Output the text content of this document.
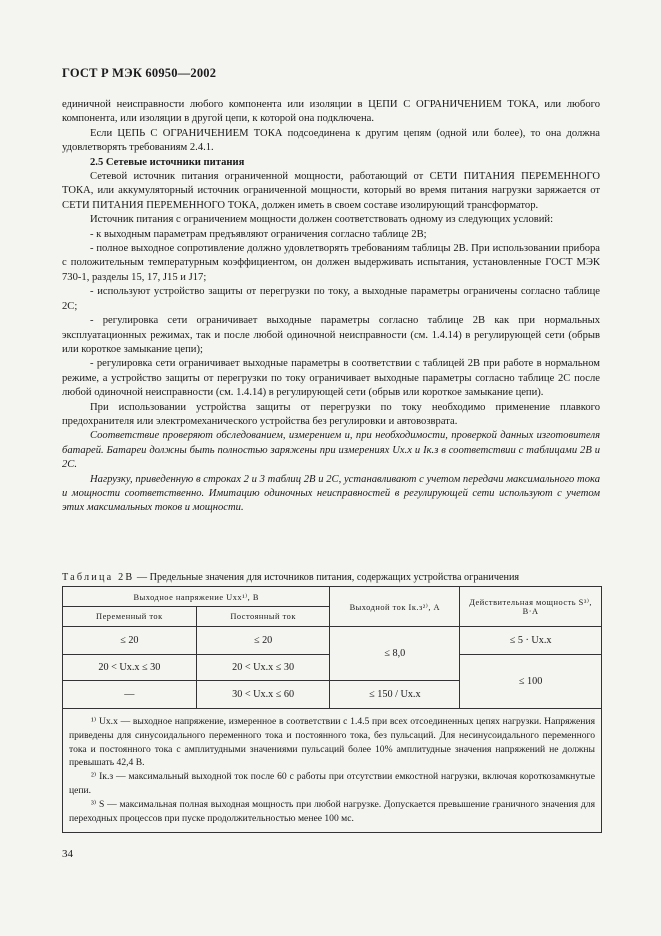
ГОСТ Р МЭК 60950—2002

единичной неисправности любого компонента или изоляции в ЦЕПИ С ОГРАНИЧЕНИЕМ ТОКА, или любого компонента, или изоляции в другой цепи, к которой она подключена.

Если ЦЕПЬ С ОГРАНИЧЕНИЕМ ТОКА подсоединена к другим цепям (одной или более), то она должна удовлетворять требованиям 2.4.1.

2.5 Сетевые источники питания

Сетевой источник питания ограниченной мощности, работающий от СЕТИ ПИТАНИЯ ПЕРЕМЕННОГО ТОКА, или аккумуляторный источник ограниченной мощности, который во время питания нагрузки заряжается от СЕТИ ПИТАНИЯ ПЕРЕМЕННОГО ТОКА, должен иметь в своем составе изолирующий трансформатор.

Источник питания с ограничением мощности должен соответствовать одному из следующих условий:

- к выходным параметрам предъявляют ограничения согласно таблице 2В;

- полное выходное сопротивление должно удовлетворять требованиям таблицы 2В. При использовании прибора с положительным температурным коэффициентом, он должен выдерживать испытания, установленные ГОСТ МЭК 730-1, разделы 15, 17, J15 и J17;

- используют устройство защиты от перегрузки по току, а выходные параметры ограничены согласно таблице 2С;

- регулировка сети ограничивает выходные параметры согласно таблице 2В как при нормальных эксплуатационных режимах, так и после любой одиночной неисправности (см. 1.4.14) в регулирующей сети (обрыв или короткое замыкание цепи);

- регулировка сети ограничивает выходные параметры в соответствии с таблицей 2В при работе в нормальном режиме, а устройство защиты от перегрузки по току ограничивает выходные параметры согласно таблице 2С после любой одиночной неисправности (см. 1.4.14) в регулирующей сети (обрыв или короткое замыкание цепи).

При использовании устройства защиты от перегрузки по току необходимо применение плавкого предохранителя или электромеханического устройства без регулировки и автовозврата.

Соответствие проверяют обследованием, измерением и, при необходимости, проверкой данных изготовителя батарей. Батареи должны быть полностью заряжены при измерениях Uх.х и Iк.з в соответствии с таблицами 2В и 2С.

Нагрузку, приведенную в строках 2 и 3 таблиц 2В и 2С, устанавливают с учетом передачи максимального тока и мощности соответственно. Имитацию одиночных неисправностей в регулирующей сети используют с учетом этих максимальных токов и мощности.

Таблица 2В — Предельные значения для источников питания, содержащих устройства ограничения
Выходное напряжение Uхх¹⁾, В		Выходной ток Iк.з²⁾, А	Действительная мощность S³⁾, В·А
Переменный ток	Постоянный ток		
≤ 20	≤ 20	≤ 8,0	≤ 5 · Uх.х
20 < Uх.х ≤ 30	20 < Uх.х ≤ 30		≤ 100
—	30 < Uх.х ≤ 60	≤ 150 / Uх.х	

¹⁾ Uх.х — выходное напряжение, измеренное в соответствии с 1.4.5 при всех отсоединенных цепях нагрузки. Напряжения приведены для синусоидального переменного тока и постоянного тока, без пульсаций. Для несинусоидального переменного тока и постоянного тока с амплитудными значениями пульсаций более 10% амплитудные значения напряжений не должны превышать 42,4 В.

²⁾ Iк.з — максимальный выходной ток после 60 с работы при отсутствии емкостной нагрузки, включая короткозамкнутые цепи.

³⁾ S — максимальная полная выходная мощность при любой нагрузке. Допускается превышение граничного значения для переходных процессов при пуске продолжительностью менее 100 мс.

34
